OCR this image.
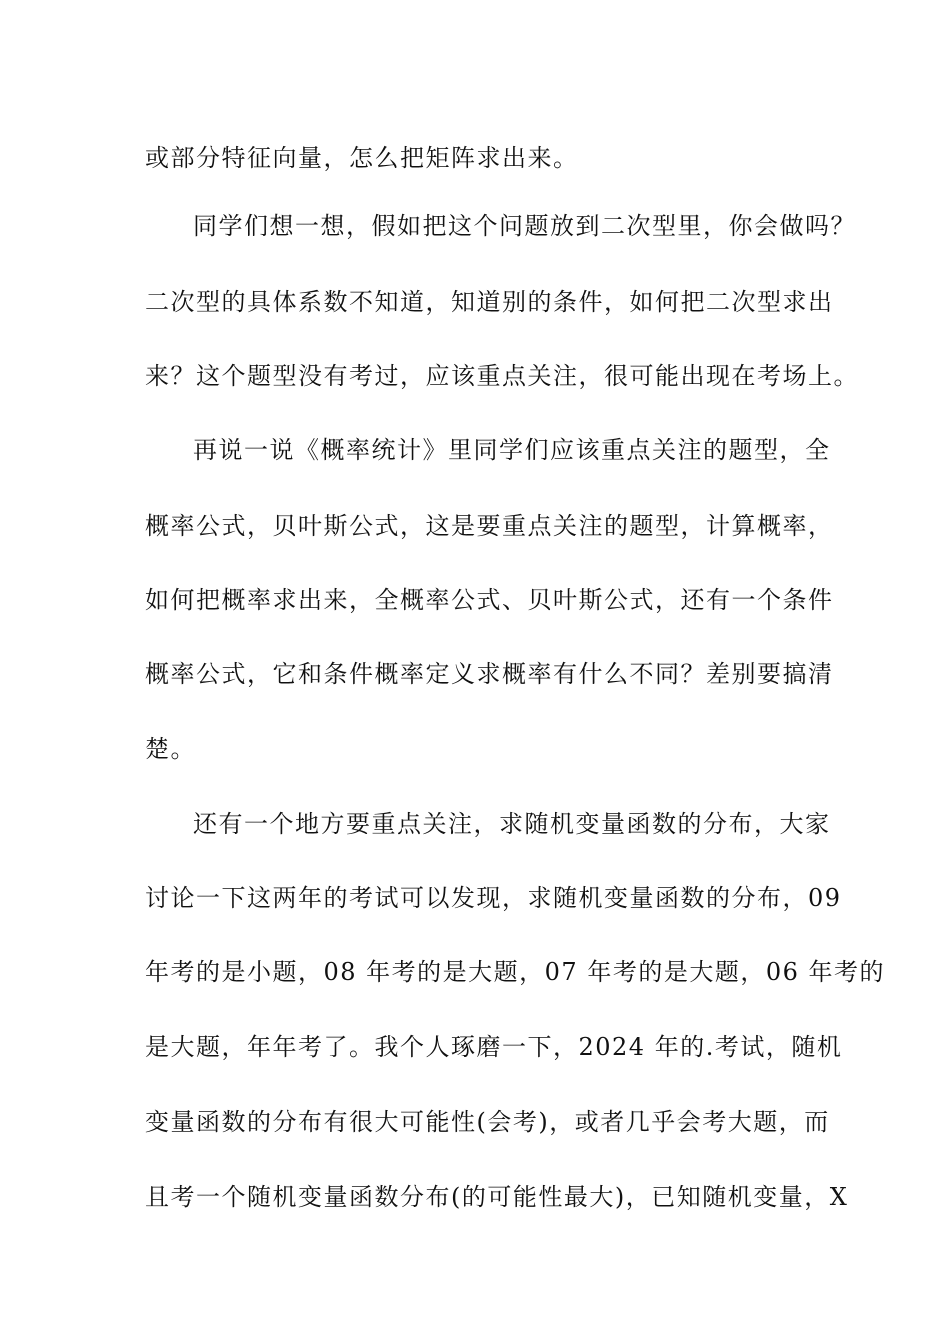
或部分特征向量，怎么把矩阵求出来。
同学们想一想，假如把这个问题放到二次型里，你会做吗？
二次型的具体系数不知道，知道别的条件，如何把二次型求出
来？这个题型没有考过，应该重点关注，很可能出现在考场上。
再说一说《概率统计》里同学们应该重点关注的题型，全
概率公式，贝叶斯公式，这是要重点关注的题型，计算概率，
如何把概率求出来，全概率公式、贝叶斯公式，还有一个条件
概率公式，它和条件概率定义求概率有什么不同？差别要搞清
楚。
还有一个地方要重点关注，求随机变量函数的分布，大家
讨论一下这两年的考试可以发现，求随机变量函数的分布，09
年考的是小题，08 年考的是大题，07 年考的是大题，06 年考的
是大题，年年考了。我个人琢磨一下，2024 年的.考试，随机
变量函数的分布有很大可能性(会考)，或者几乎会考大题，而
且考一个随机变量函数分布(的可能性最大)，已知随机变量，X
